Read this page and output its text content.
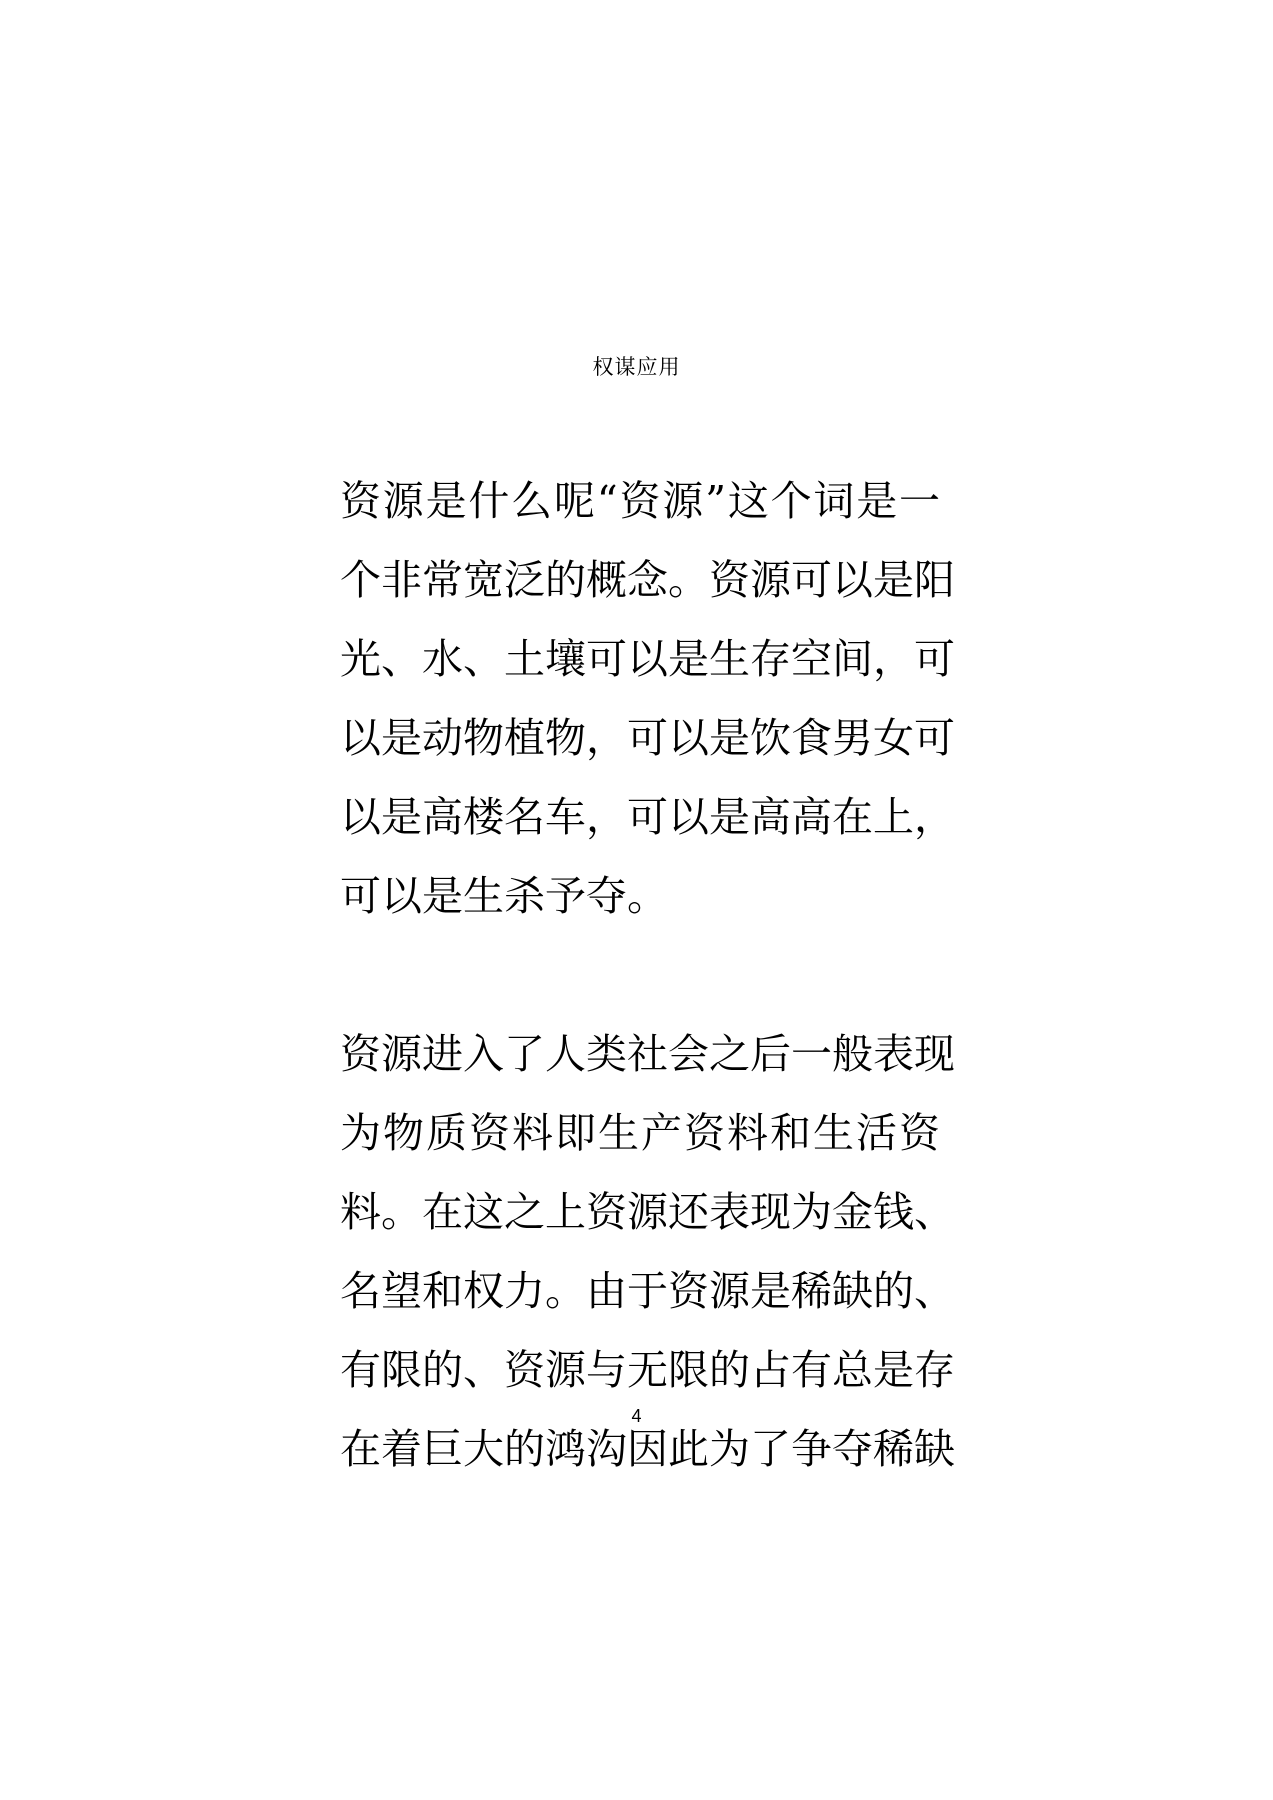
权谋应用
资源是什么呢“资源”这个词是一
个非常宽泛的概念。资源可以是阳
光、水、土壤可以是生存空间，可
以是动物植物，可以是饮食男女可
以是高楼名车，可以是高高在上，
可以是生杀予夺。
资源进入了人类社会之后一般表现
为物质资料即生产资料和生活资
料。在这之上资源还表现为金钱、
名望和权力。由于资源是稀缺的、
有限的、资源与无限的占有总是存
在着巨大的鸿沟因此为了争夺稀缺
4
